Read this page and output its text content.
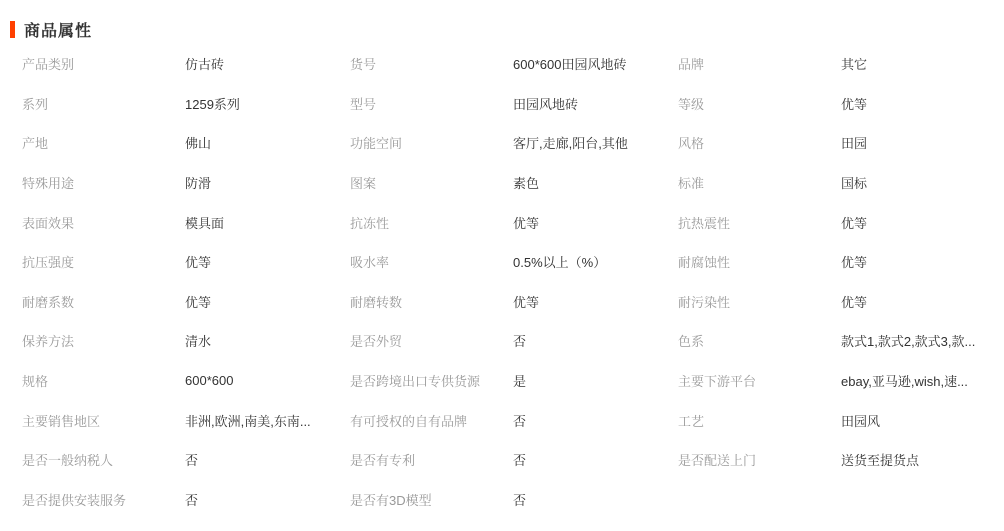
商品属性
产品类别	仿古砖	货号	600*600田园风地砖	品牌	其它
系列	1259系列	型号	田园风地砖	等级	优等
产地	佛山	功能空间	客厅,走廊,阳台,其他	风格	田园
特殊用途	防滑	图案	素色	标准	国标
表面效果	模具面	抗冻性	优等	抗热震性	优等
抗压强度	优等	吸水率	0.5%以上（%）	耐腐蚀性	优等
耐磨系数	优等	耐磨转数	优等	耐污染性	优等
保养方法	清水	是否外贸	否	色系	款式1,款式2,款式3,款...
规格	600*600	是否跨境出口专供货源	是	主要下游平台	ebay,亚马逊,wish,速...
主要销售地区	非洲,欧洲,南美,东南...	有可授权的自有品牌	否	工艺	田园风
是否一般纳税人	否	是否有专利	否	是否配送上门	送货至提货点
是否提供安装服务	否	是否有3D模型	否
